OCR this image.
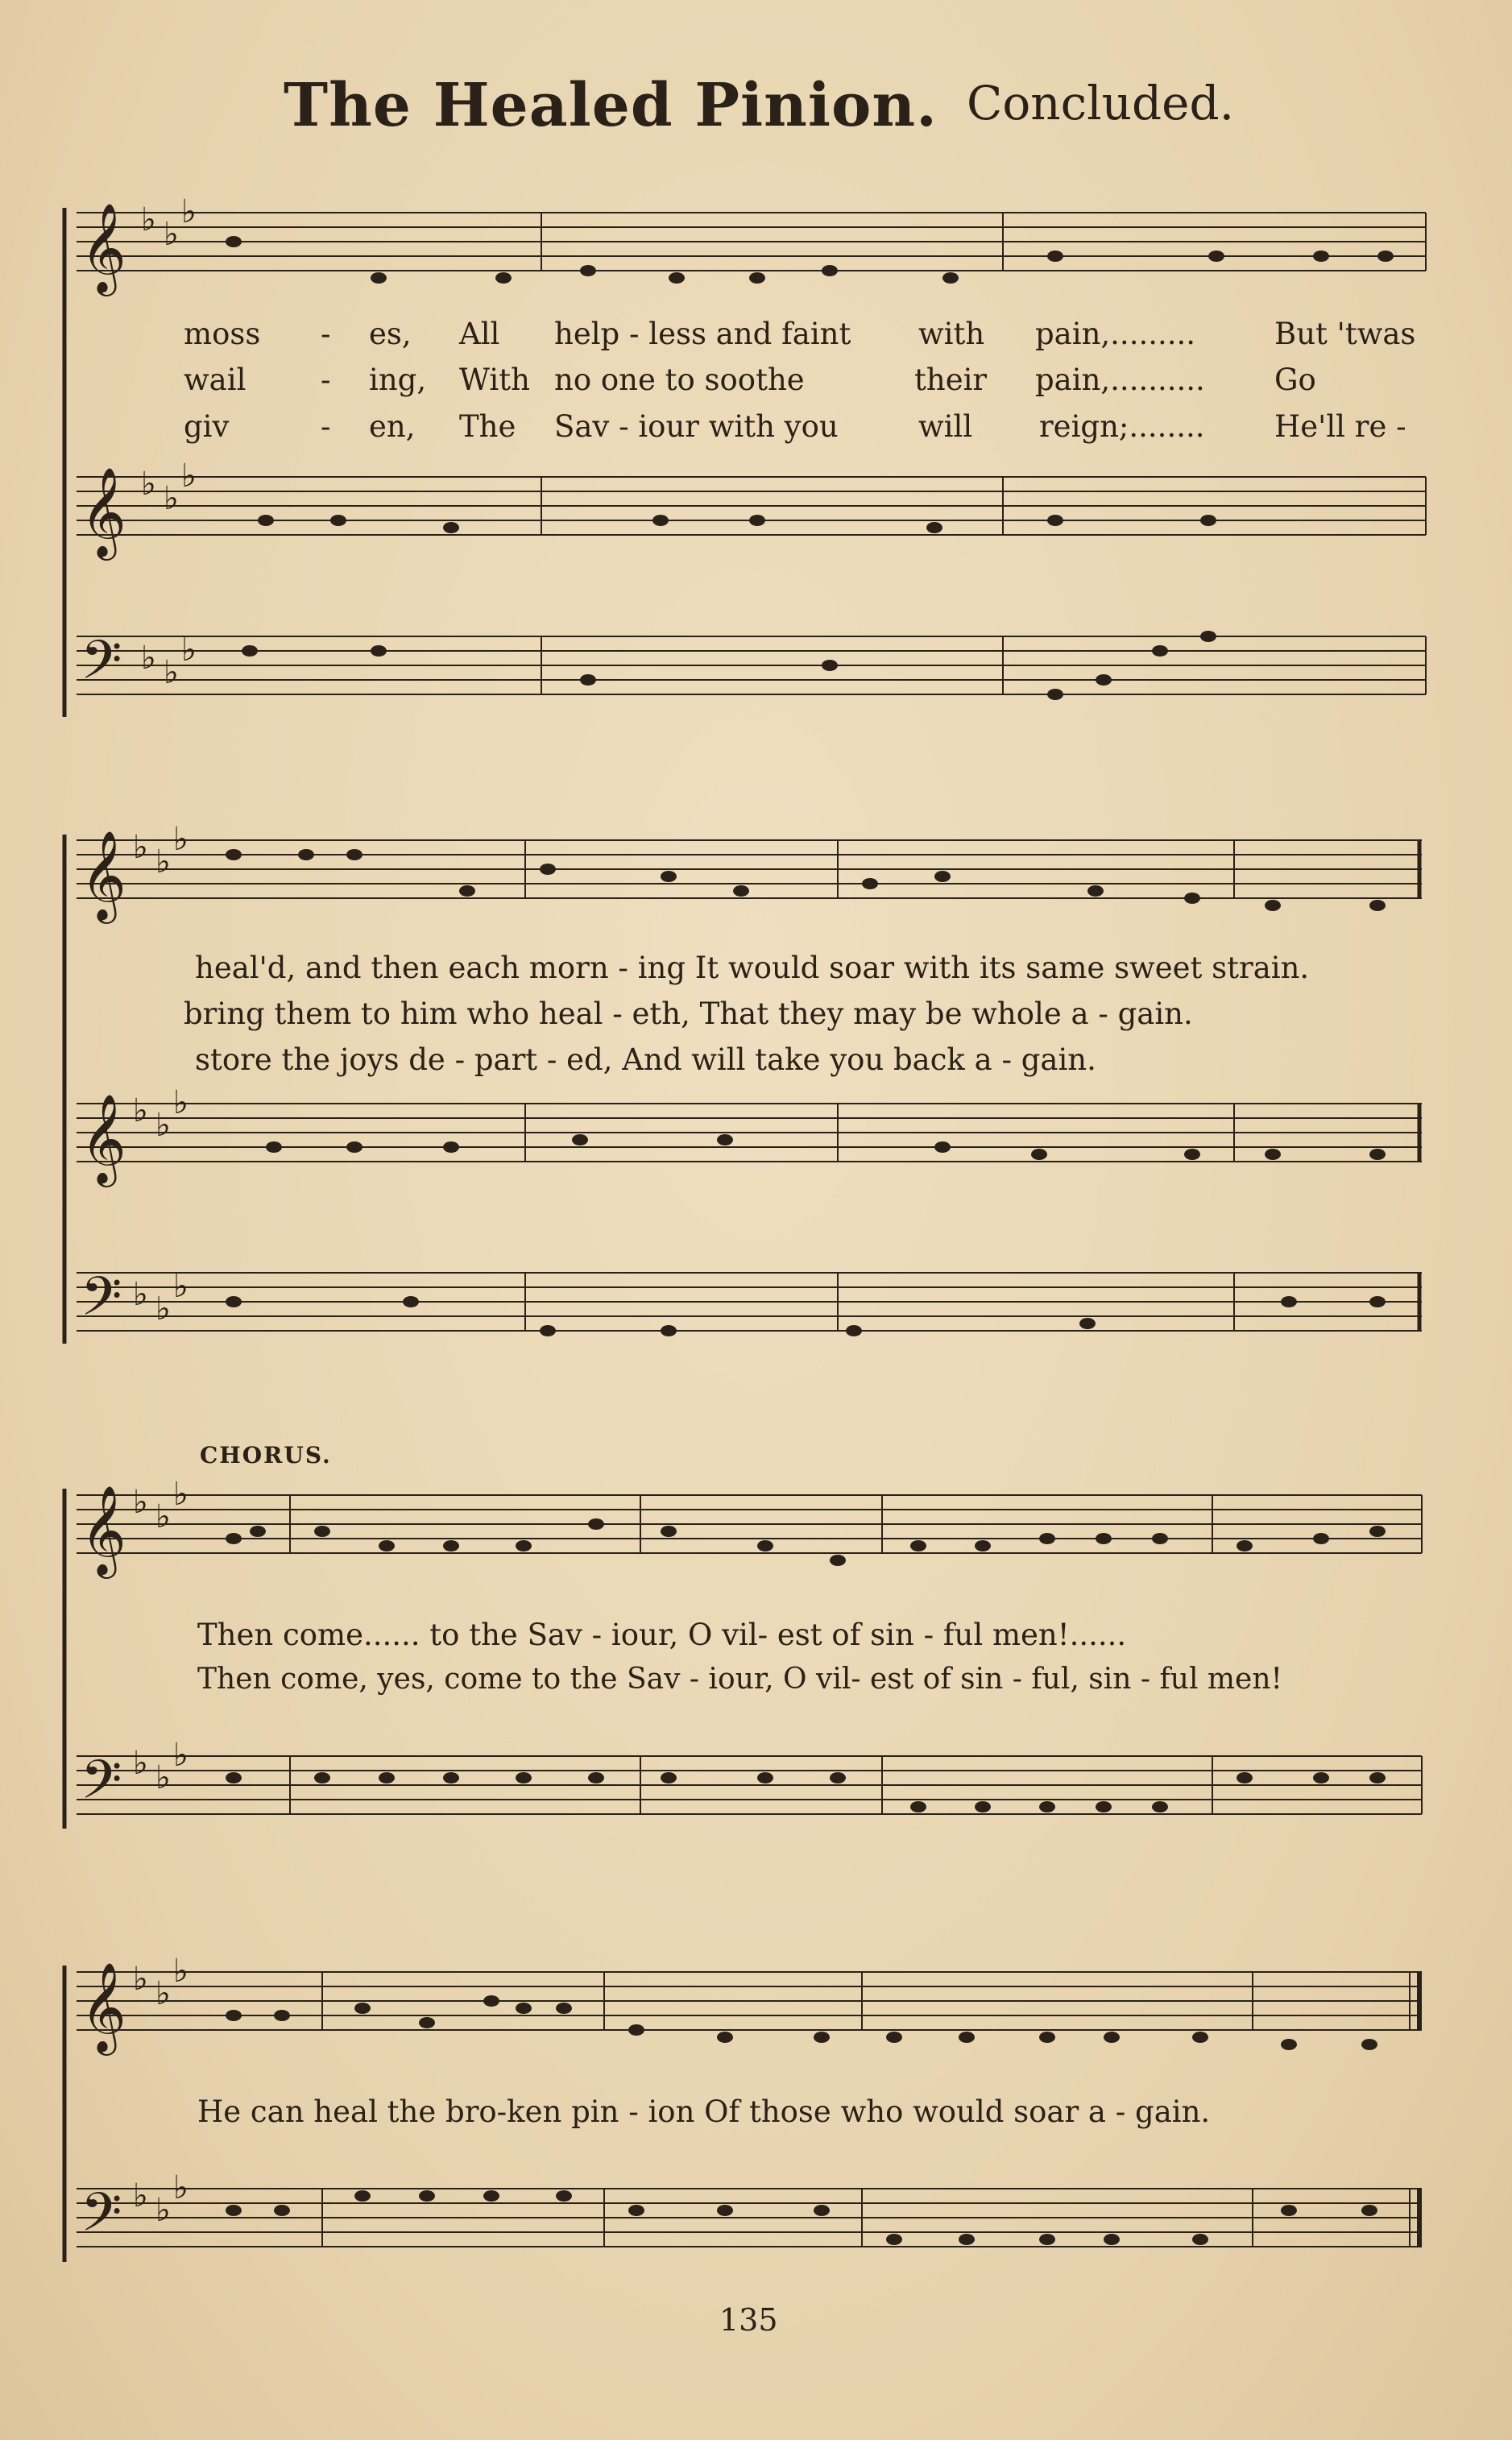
The Healed Pinion. Concluded.
𝄞
𝄞
𝄢
♭ ♭
♭
♭ ♭
♭
♭ ♭
♭
moss - es, All help - less and faint with pain,.........	But 'twas
wail	- ing, With no one to soothe	their pain,.......... Go
giv	- en, The Sav - iour with you	will reign;........ He'll re -
𝄞
𝄞
𝄢
♭ ♭
♭
♭ ♭
♭
♭ ♭
♭
heal'd, and then each morn - ing It would soar with its same sweet strain.
bring them to him who heal - eth, That they may be whole a - gain.
store the joys de - part - ed, And will take you back a - gain.
CHORUS.
𝄞
𝄢
♭ ♭
♭
♭ ♭
♭
Then come...... to the Sav - iour, O vil- est of sin - ful men!......
Then come, yes, come to the Sav - iour, O vil- est of sin - ful, sin - ful men!
𝄞
𝄢
♭ ♭
♭
♭ ♭
♭
He can heal the bro-ken pin - ion Of those who would soar a - gain.
135
